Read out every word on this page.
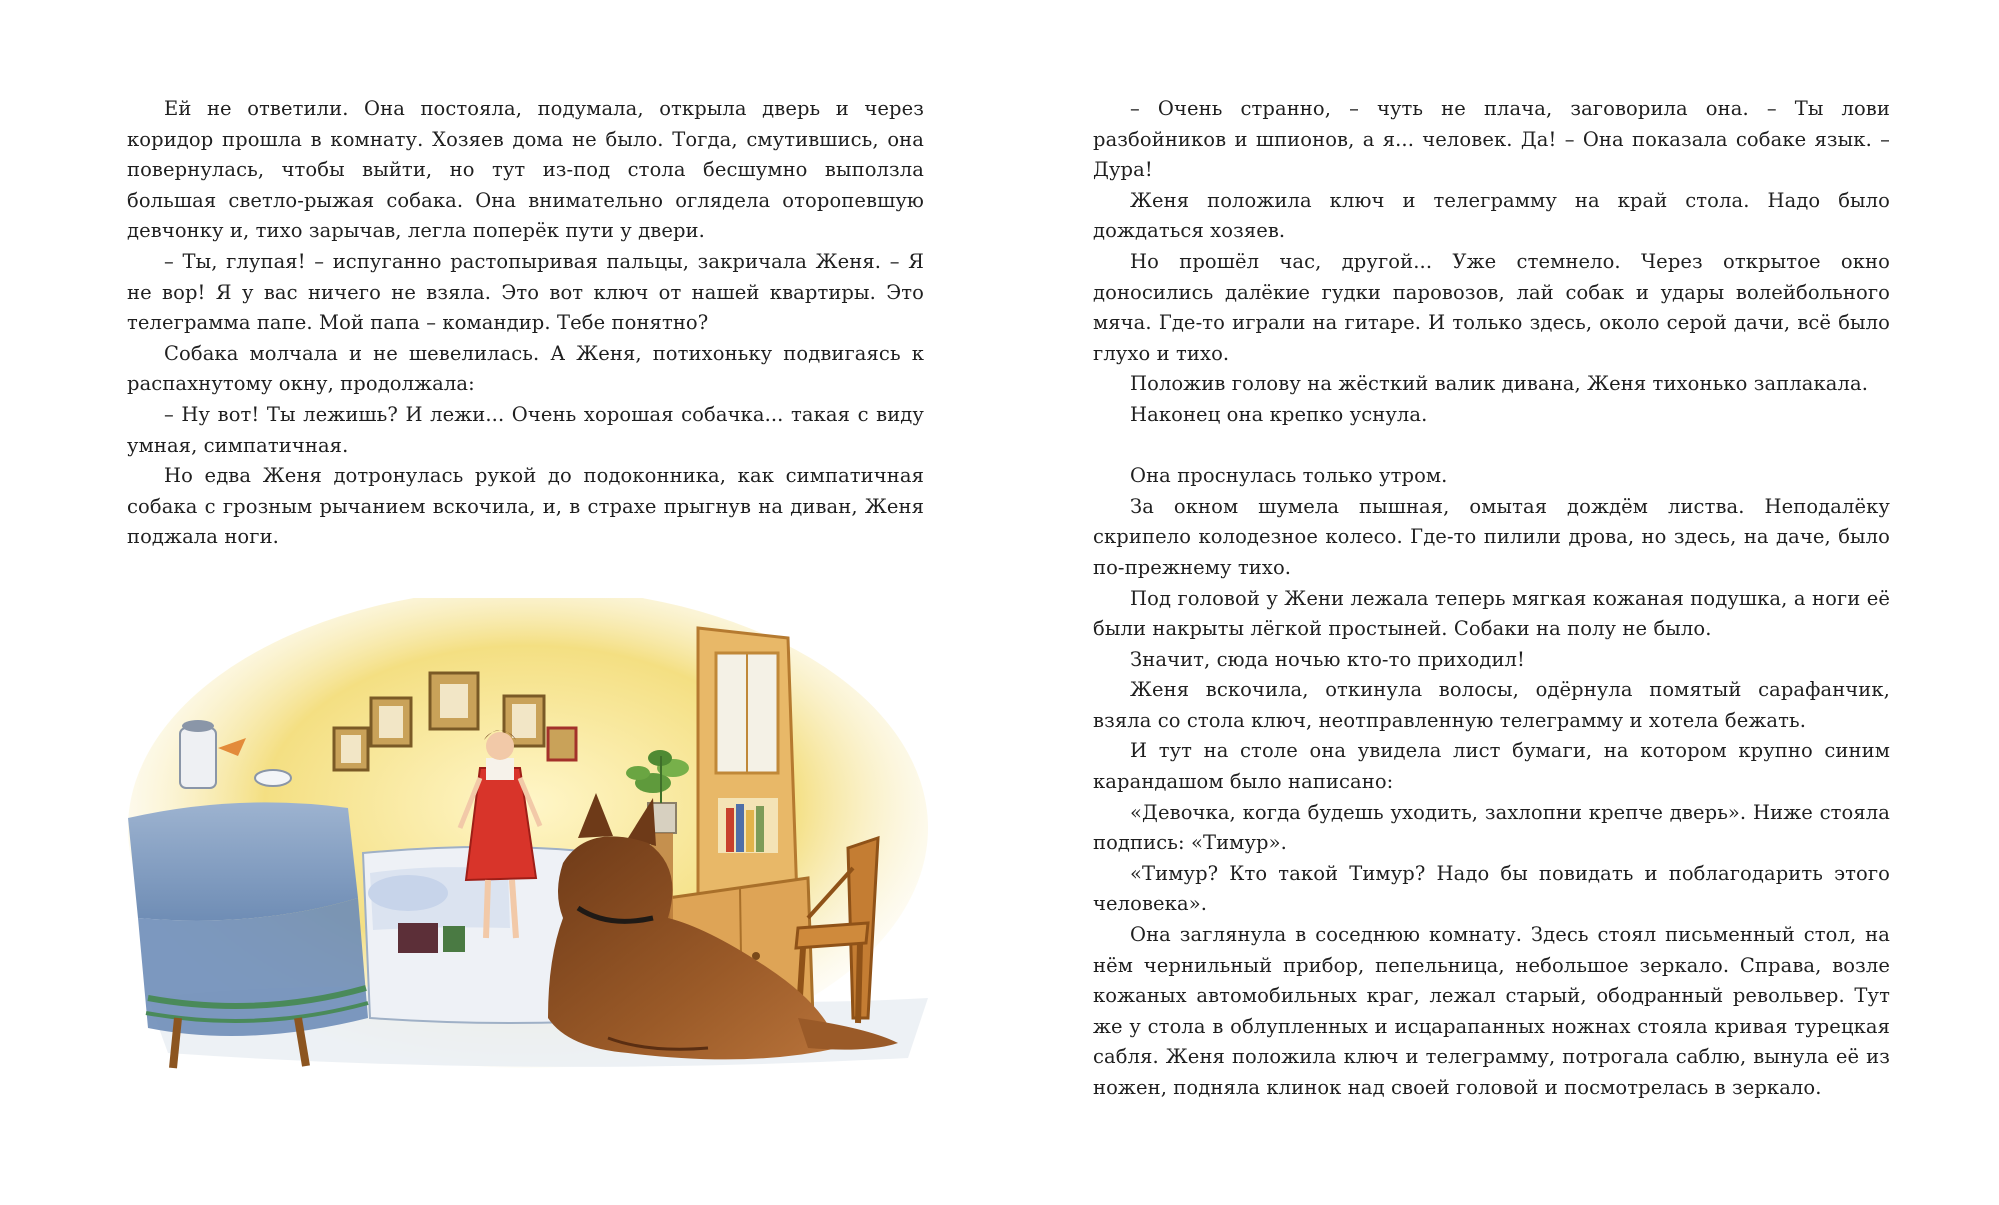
Ей не ответили. Она постояла, подумала, открыла дверь и через коридор прошла в комнату. Хозяев дома не было. Тогда, смутившись, она повернулась, чтобы выйти, но тут из-под стола бесшумно выползла большая светло-рыжая собака. Она внимательно оглядела оторопевшую девчонку и, тихо зарычав, легла поперёк пути у двери.

– Ты, глупая! – испуганно растопыривая пальцы, закричала Женя. – Я не вор! Я у вас ничего не взяла. Это вот ключ от нашей квартиры. Это телеграмма папе. Мой папа – командир. Тебе понятно?

Собака молчала и не шевелилась. А Женя, потихоньку подвигаясь к распахнутому окну, продолжала:

– Ну вот! Ты лежишь? И лежи... Очень хорошая собачка... такая с виду умная, симпатичная.

Но едва Женя дотронулась рукой до подоконника, как симпатичная собака с грозным рычанием вскочила, и, в страхе прыгнув на диван, Женя поджала ноги.

– Очень странно, – чуть не плача, заговорила она. – Ты лови разбойников и шпионов, а я... человек. Да! – Она показала собаке язык. – Дура!

Женя положила ключ и телеграмму на край стола. Надо было дождаться хозяев.

Но прошёл час, другой... Уже стемнело. Через открытое окно доносились далёкие гудки паровозов, лай собак и удары волейбольного мяча. Где-то играли на гитаре. И только здесь, около серой дачи, всё было глухо и тихо.

Положив голову на жёсткий валик дивана, Женя тихонько заплакала.

Наконец она крепко уснула.

Она проснулась только утром.

За окном шумела пышная, омытая дождём листва. Неподалёку скрипело колодезное колесо. Где-то пилили дрова, но здесь, на даче, было по-прежнему тихо.

Под головой у Жени лежала теперь мягкая кожаная подушка, а ноги её были накрыты лёгкой простыней. Собаки на полу не было.

Значит, сюда ночью кто-то приходил!

Женя вскочила, откинула волосы, одёрнула помятый сарафанчик, взяла со стола ключ, неотправленную телеграмму и хотела бежать.

И тут на столе она увидела лист бумаги, на котором крупно синим карандашом было написано:

«Девочка, когда будешь уходить, захлопни крепче дверь». Ниже стояла подпись: «Тимур».

«Тимур? Кто такой Тимур? Надо бы повидать и поблагодарить этого человека».

Она заглянула в соседнюю комнату. Здесь стоял письменный стол, на нём чернильный прибор, пепельница, небольшое зеркало. Справа, возле кожаных автомобильных краг, лежал старый, ободранный револьвер. Тут же у стола в облупленных и исцарапанных ножнах стояла кривая турецкая сабля. Женя положила ключ и телеграмму, потрогала саблю, вынула её из ножен, подняла клинок над своей головой и посмотрелась в зеркало.
